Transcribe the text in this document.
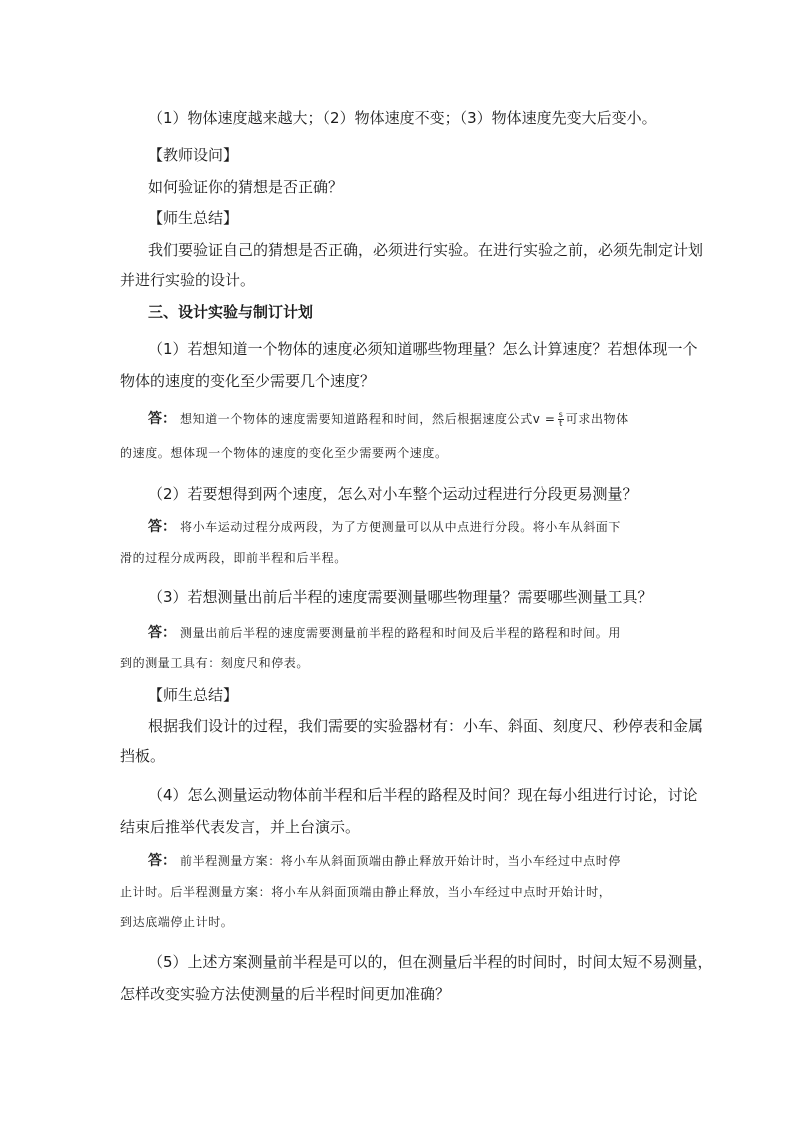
（1）物体速度越来越大；（2）物体速度不变；（3）物体速度先变大后变小。
【教师设问】
如何验证你的猜想是否正确？
【师生总结】
我们要验证自己的猜想是否正确，必须进行实验。在进行实验之前，必须先制定计划
并进行实验的设计。
三、设计实验与制订计划
（1）若想知道一个物体的速度必须知道哪些物理量？怎么计算速度？若想体现一个
物体的速度的变化至少需要几个速度？
答： 想知道一个物体的速度需要知道路程和时间，然后根据速度公式$v = \frac{s}{t}$ 可求出物体
的速度。想体现一个物体的速度的变化至少需要两个速度。
（2）若要想得到两个速度，怎么对小车整个运动过程进行分段更易测量？
答： 将小车运动过程分成两段，为了方便测量可以从中点进行分段。将小车从斜面下
滑的过程分成两段，即前半程和后半程。
（3）若想测量出前后半程的速度需要测量哪些物理量？需要哪些测量工具？
答： 测量出前后半程的速度需要测量前半程的路程和时间及后半程的路程和时间。用
到的测量工具有：刻度尺和停表。
【师生总结】
根据我们设计的过程，我们需要的实验器材有：小车、斜面、刻度尺、秒停表和金属
挡板。
（4）怎么测量运动物体前半程和后半程的路程及时间？现在每小组进行讨论，讨论
结束后推举代表发言，并上台演示。
答： 前半程测量方案：将小车从斜面顶端由静止释放开始计时，当小车经过中点时停
止计时。后半程测量方案：将小车从斜面顶端由静止释放，当小车经过中点时开始计时，
到达底端停止计时。
（5）上述方案测量前半程是可以的，但在测量后半程的时间时，时间太短不易测量，
怎样改变实验方法使测量的后半程时间更加准确？
